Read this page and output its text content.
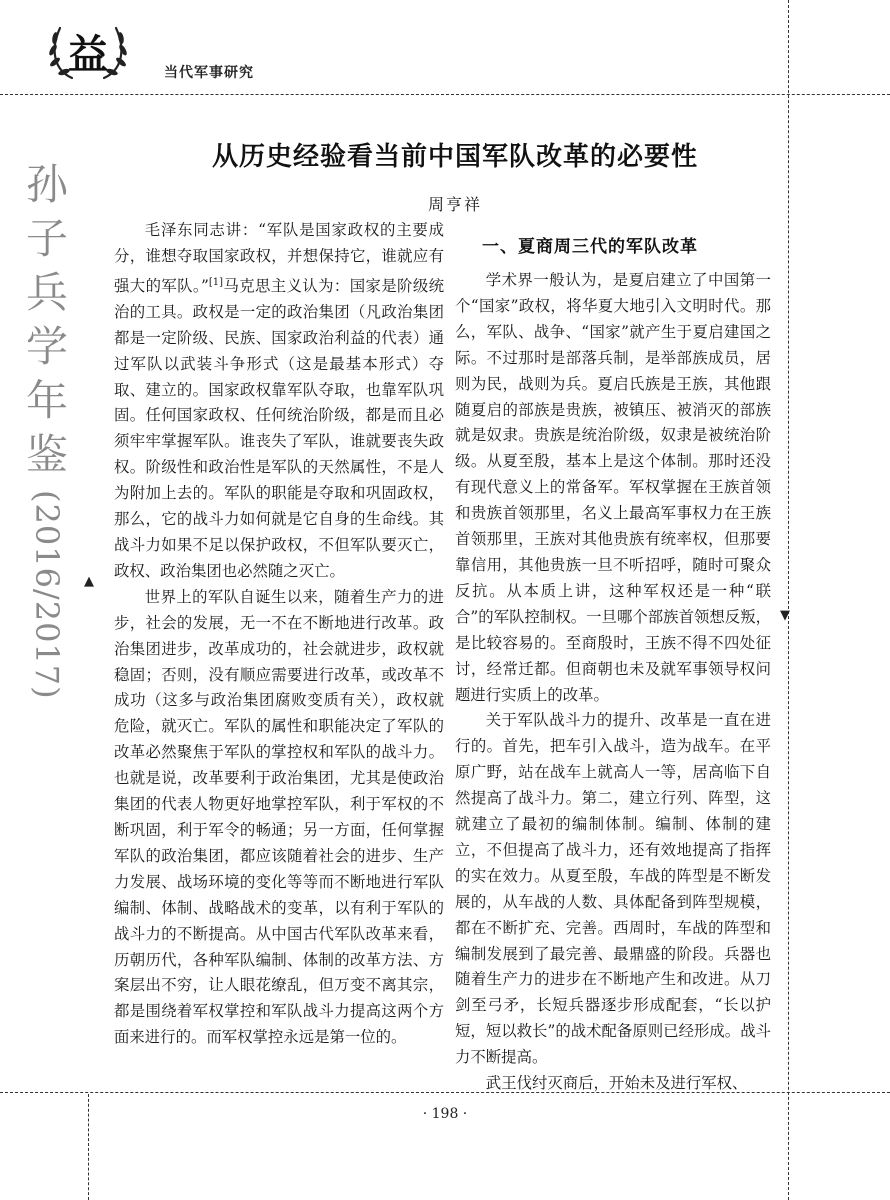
益	当代军事研究
孙
子
兵
学
年
鉴
(2016/2017) ▲
▼
从历史经验看当前中国军队改革的必要性
周亨祥

毛泽东同志讲：“军队是国家政权的主要成分，谁想夺取国家政权，并想保持它，谁就应有强大的军队。”[1]马克思主义认为：国家是阶级统治的工具。政权是一定的政治集团（凡政治集团都是一定阶级、民族、国家政治利益的代表）通过军队以武装斗争形式（这是最基本形式）夺取、建立的。国家政权靠军队夺取，也靠军队巩固。任何国家政权、任何统治阶级，都是而且必须牢牢掌握军队。谁丧失了军队，谁就要丧失政权。阶级性和政治性是军队的天然属性，不是人为附加上去的。军队的职能是夺取和巩固政权，那么，它的战斗力如何就是它自身的生命线。其战斗力如果不足以保护政权，不但军队要灭亡，政权、政治集团也必然随之灭亡。

世界上的军队自诞生以来，随着生产力的进步，社会的发展，无一不在不断地进行改革。政治集团进步，改革成功的，社会就进步，政权就稳固；否则，没有顺应需要进行改革，或改革不成功（这多与政治集团腐败变质有关），政权就危险，就灭亡。军队的属性和职能决定了军队的改革必然聚焦于军队的掌控权和军队的战斗力。也就是说，改革要利于政治集团，尤其是使政治集团的代表人物更好地掌控军队，利于军权的不断巩固，利于军令的畅通；另一方面，任何掌握军队的政治集团，都应该随着社会的进步、生产力发展、战场环境的变化等等而不断地进行军队编制、体制、战略战术的变革，以有利于军队的战斗力的不断提高。从中国古代军队改革来看，历朝历代，各种军队编制、体制的改革方法、方案层出不穷，让人眼花缭乱，但万变不离其宗，都是围绕着军权掌控和军队战斗力提高这两个方面来进行的。而军权掌控永远是第一位的。

一、夏商周三代的军队改革

学术界一般认为，是夏启建立了中国第一个“国家”政权，将华夏大地引入文明时代。那么，军队、战争、“国家”就产生于夏启建国之际。不过那时是部落兵制，是举部族成员，居则为民，战则为兵。夏启氏族是王族，其他跟随夏启的部族是贵族，被镇压、被消灭的部族就是奴隶。贵族是统治阶级，奴隶是被统治阶级。从夏至殷，基本上是这个体制。那时还没有现代意义上的常备军。军权掌握在王族首领和贵族首领那里，名义上最高军事权力在王族首领那里，王族对其他贵族有统率权，但那要靠信用，其他贵族一旦不听招呼，随时可聚众反抗。从本质上讲，这种军权还是一种“联合”的军队控制权。一旦哪个部族首领想反叛，是比较容易的。至商殷时，王族不得不四处征讨，经常迁都。但商朝也未及就军事领导权问题进行实质上的改革。

关于军队战斗力的提升、改革是一直在进行的。首先，把车引入战斗，造为战车。在平原广野，站在战车上就高人一等，居高临下自然提高了战斗力。第二，建立行列、阵型，这就建立了最初的编制体制。编制、体制的建立，不但提高了战斗力，还有效地提高了指挥的实在效力。从夏至殷，车战的阵型是不断发展的，从车战的人数、具体配备到阵型规模，都在不断扩充、完善。西周时，车战的阵型和编制发展到了最完善、最鼎盛的阶段。兵器也随着生产力的进步在不断地产生和改进。从刀剑至弓矛，长短兵器逐步形成配套，“长以护短，短以救长”的战术配备原则已经形成。战斗力不断提高。

武王伐纣灭商后，开始未及进行军权、

· 198 ·
